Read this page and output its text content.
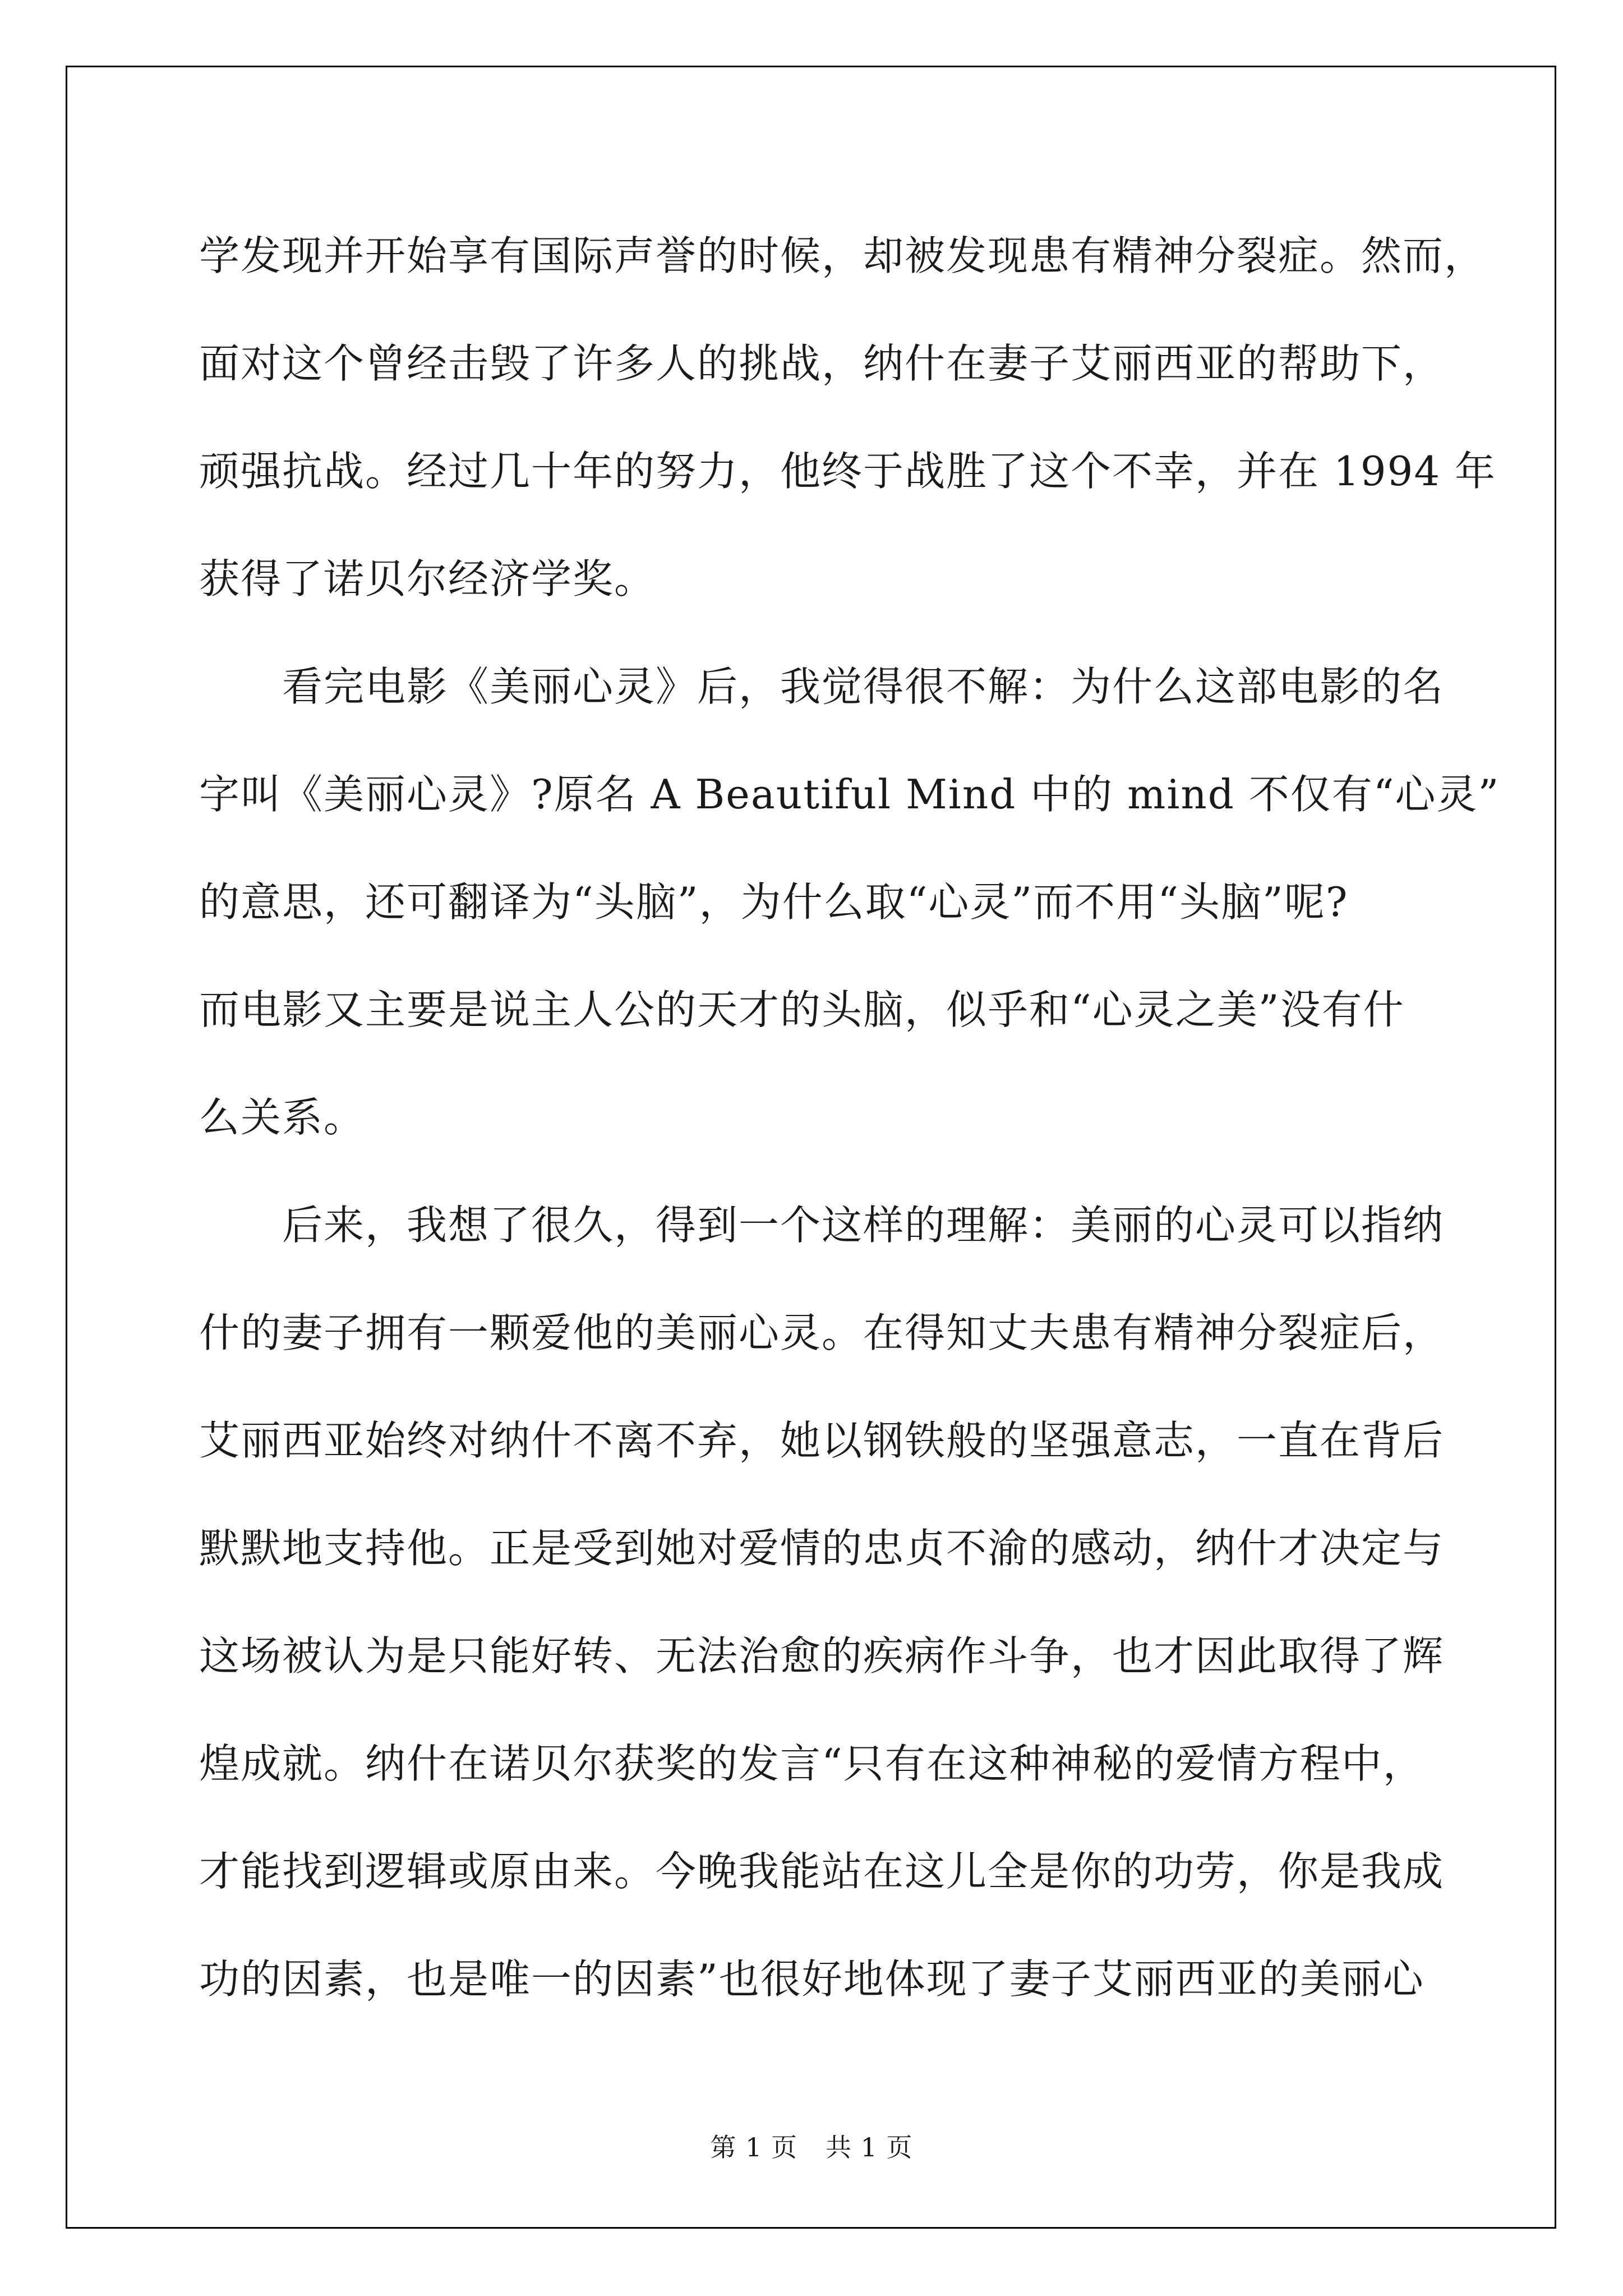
学发现并开始享有国际声誉的时候，却被发现患有精神分裂症。然而，
面对这个曾经击毁了许多人的挑战，纳什在妻子艾丽西亚的帮助下，
顽强抗战。经过几十年的努力，他终于战胜了这个不幸，并在 1994 年
获得了诺贝尔经济学奖。
　　看完电影《美丽心灵》后，我觉得很不解：为什么这部电影的名
字叫《美丽心灵》?原名 A Beautiful Mind 中的 mind 不仅有“心灵”
的意思，还可翻译为“头脑”，为什么取“心灵”而不用“头脑”呢?
而电影又主要是说主人公的天才的头脑，似乎和“心灵之美”没有什
么关系。
　　后来，我想了很久，得到一个这样的理解：美丽的心灵可以指纳
什的妻子拥有一颗爱他的美丽心灵。在得知丈夫患有精神分裂症后，
艾丽西亚始终对纳什不离不弃，她以钢铁般的坚强意志，一直在背后
默默地支持他。正是受到她对爱情的忠贞不渝的感动，纳什才决定与
这场被认为是只能好转、无法治愈的疾病作斗争，也才因此取得了辉
煌成就。纳什在诺贝尔获奖的发言“只有在这种神秘的爱情方程中，
才能找到逻辑或原由来。今晚我能站在这儿全是你的功劳，你是我成
功的因素，也是唯一的因素”也很好地体现了妻子艾丽西亚的美丽心
第 1 页 共 1 页
